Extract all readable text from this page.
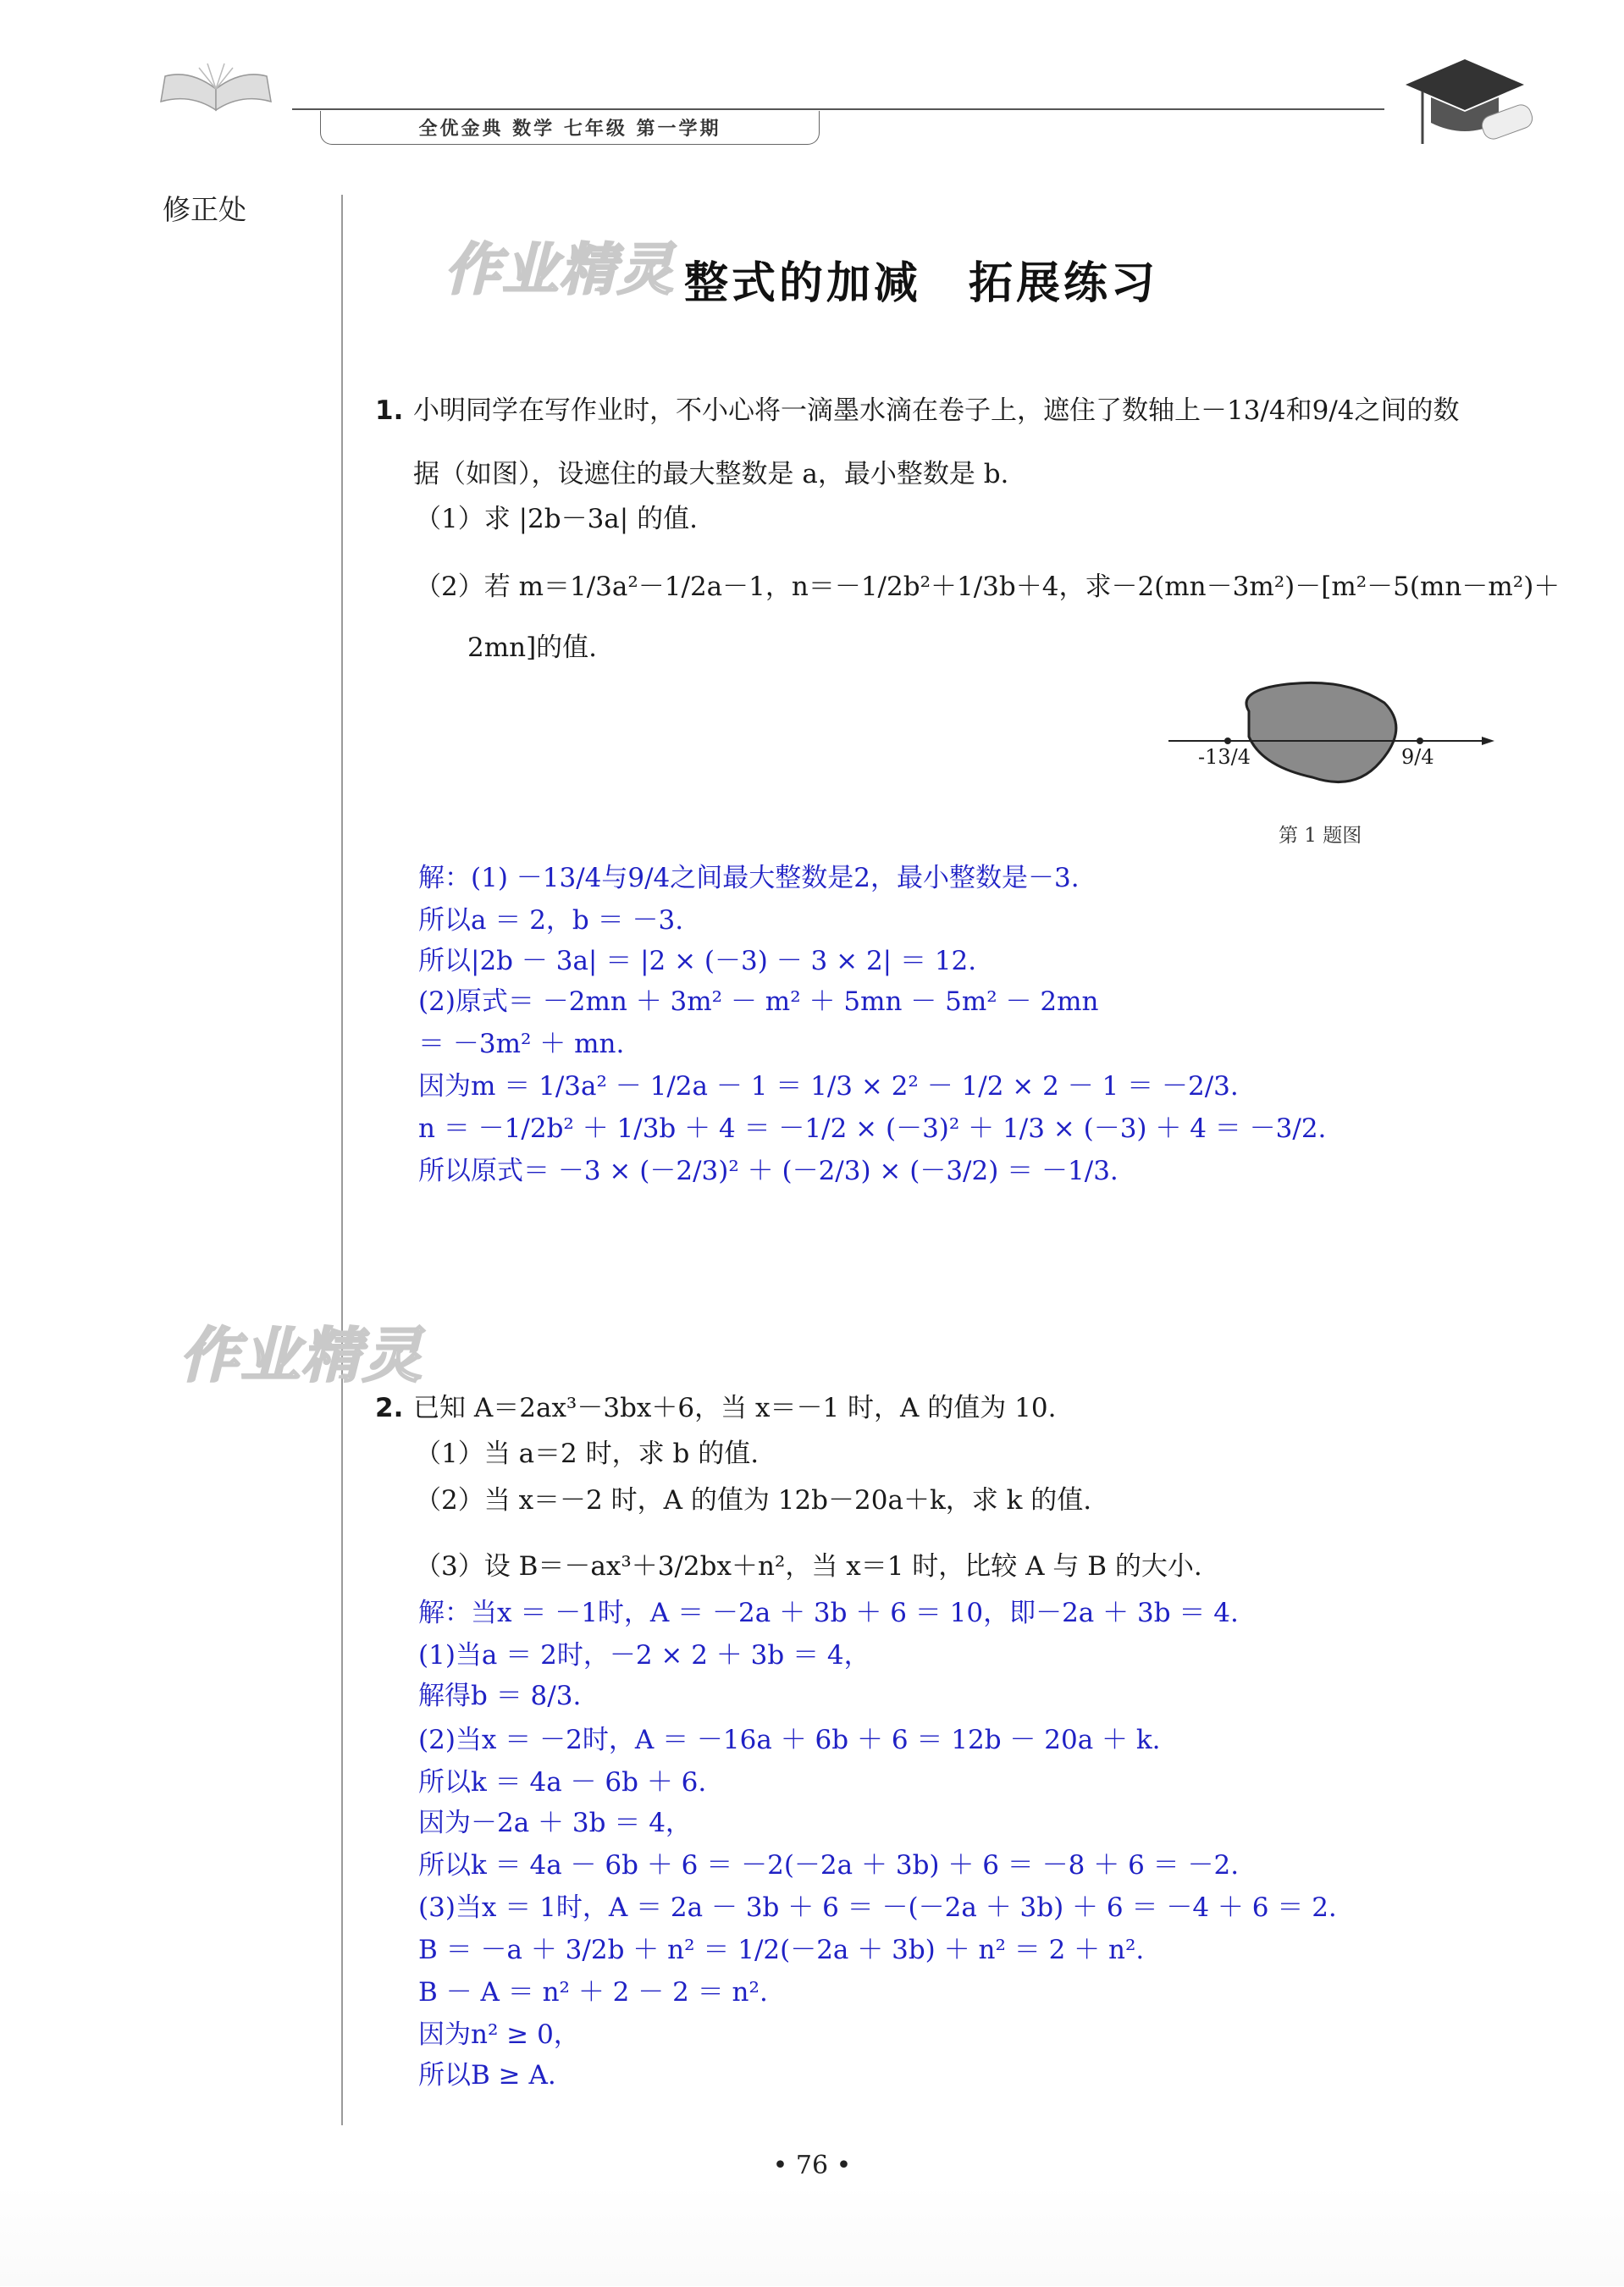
全优金典 数学 七年级 第一学期
修正处
作业精灵
作业精灵
整式的加减　拓展练习
1. 小明同学在写作业时，不小心将一滴墨水滴在卷子上，遮住了数轴上－13/4和9/4之间的数
据（如图），设遮住的最大整数是 a，最小整数是 b.
（1）求 |2b－3a| 的值.
（2）若 m＝1/3a²－1/2a－1，n＝－1/2b²＋1/3b＋4，求－2(mn－3m²)－[m²－5(mn－m²)＋
2mn]的值.
-13/4	9/4
第 1 题图
解：(1) －13/4与9/4之间最大整数是2，最小整数是－3.
所以a ＝ 2，b ＝ －3.
所以|2b － 3a| ＝ |2 × (－3) － 3 × 2| ＝ 12.
(2)原式＝ －2mn ＋ 3m² － m² ＋ 5mn － 5m² － 2mn
＝ －3m² ＋ mn.
因为m ＝ 1/3a² － 1/2a － 1 ＝ 1/3 × 2² － 1/2 × 2 － 1 ＝ －2/3.
n ＝ －1/2b² ＋ 1/3b ＋ 4 ＝ －1/2 × (－3)² ＋ 1/3 × (－3) ＋ 4 ＝ －3/2.
所以原式＝ －3 × (－2/3)² ＋ (－2/3) × (－3/2) ＝ －1/3.
2. 已知 A＝2ax³－3bx＋6，当 x＝－1 时，A 的值为 10.
（1）当 a＝2 时，求 b 的值.
（2）当 x＝－2 时，A 的值为 12b－20a＋k，求 k 的值.
（3）设 B＝－ax³＋3/2bx＋n²，当 x＝1 时，比较 A 与 B 的大小.
解：当x ＝ －1时，A ＝ －2a ＋ 3b ＋ 6 ＝ 10，即－2a ＋ 3b ＝ 4.
(1)当a ＝ 2时，－2 × 2 ＋ 3b ＝ 4，
解得b ＝ 8/3.
(2)当x ＝ －2时，A ＝ －16a ＋ 6b ＋ 6 ＝ 12b － 20a ＋ k.
所以k ＝ 4a － 6b ＋ 6.
因为－2a ＋ 3b ＝ 4，
所以k ＝ 4a － 6b ＋ 6 ＝ －2(－2a ＋ 3b) ＋ 6 ＝ －8 ＋ 6 ＝ －2.
(3)当x ＝ 1时，A ＝ 2a － 3b ＋ 6 ＝ －(－2a ＋ 3b) ＋ 6 ＝ －4 ＋ 6 ＝ 2.
B ＝ －a ＋ 3/2b ＋ n² ＝ 1/2(－2a ＋ 3b) ＋ n² ＝ 2 ＋ n².
B － A ＝ n² ＋ 2 － 2 ＝ n².
因为n² ≥ 0，
所以B ≥ A.
• 76 •
